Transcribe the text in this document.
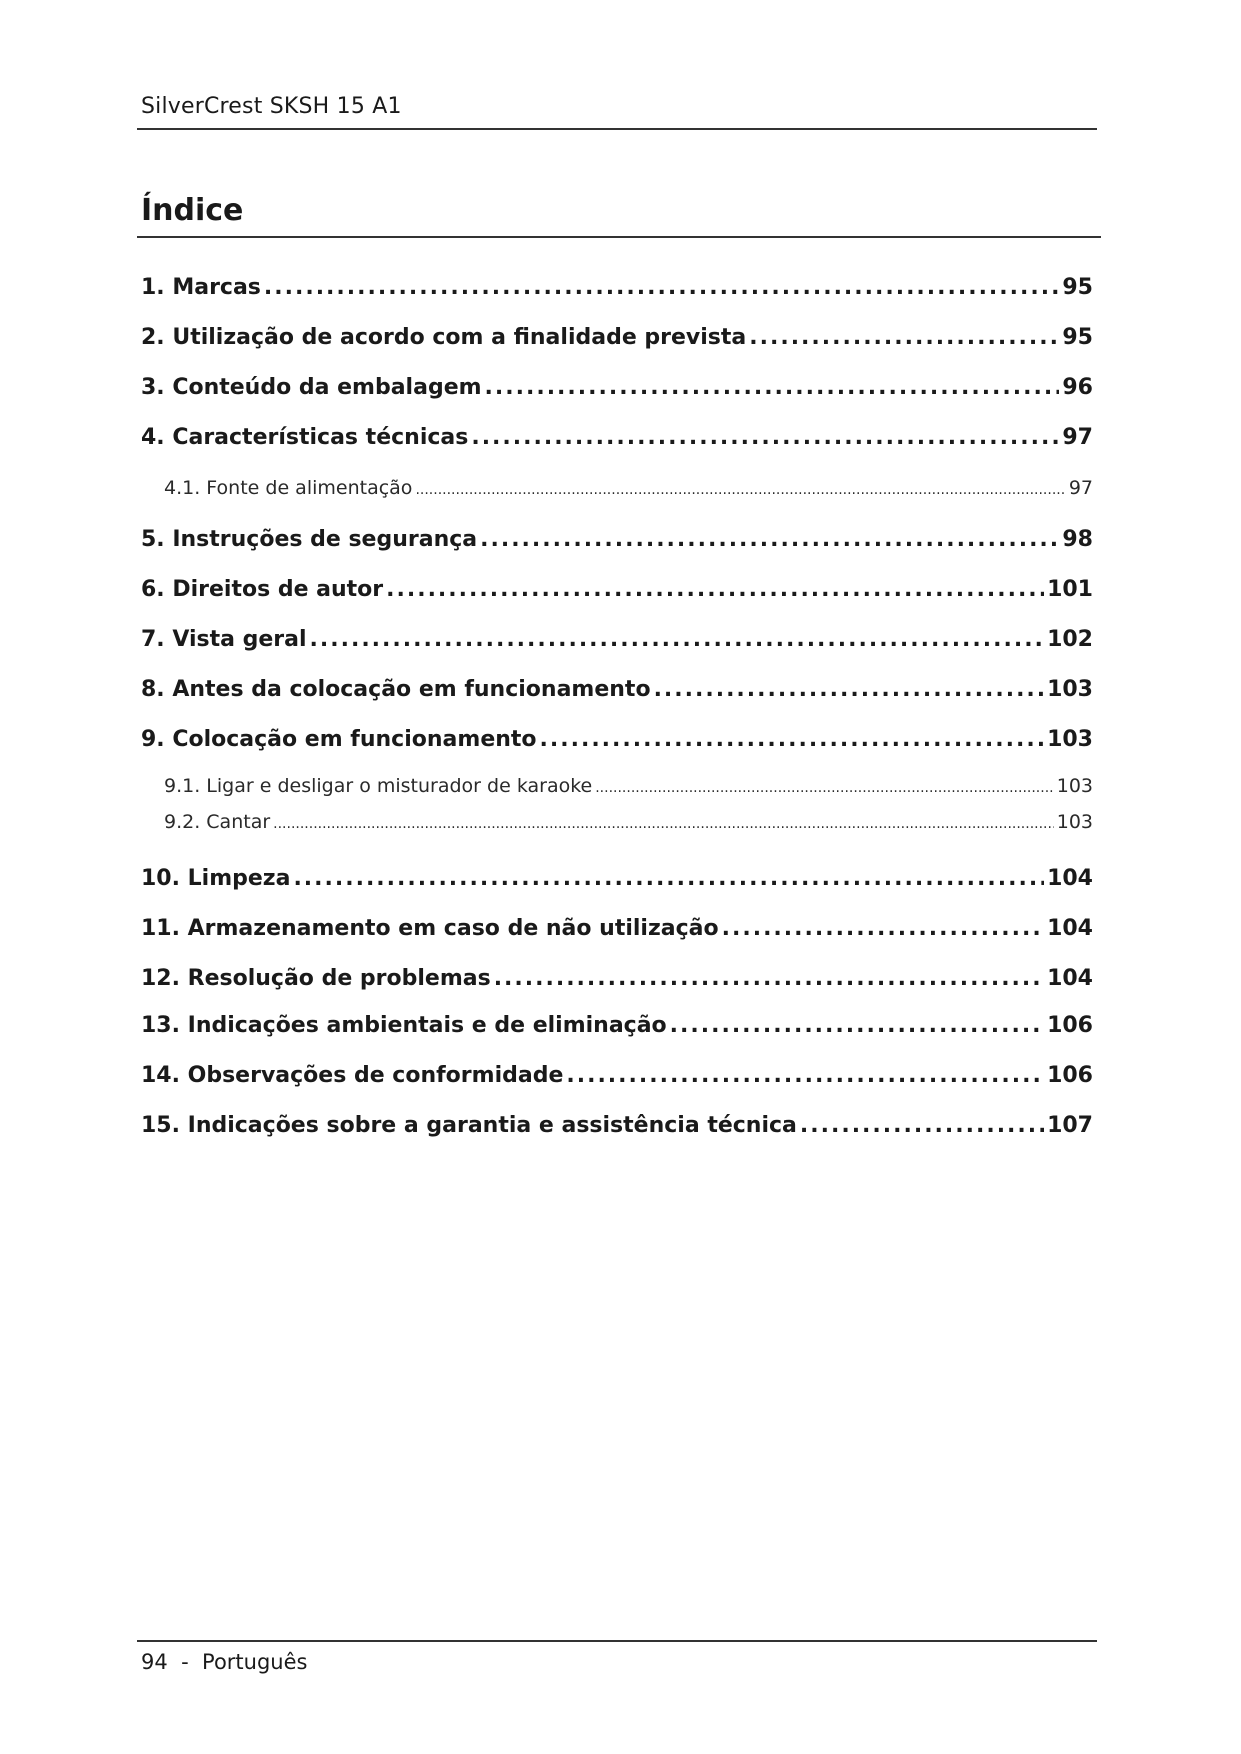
SilverCrest SKSH 15 A1
Índice
1. Marcas .....	95
2. Utilização de acordo com a finalidade prevista .....	95
3. Conteúdo da embalagem .....	96
4. Características técnicas .....	97
4.1. Fonte de alimentação .....	97
5. Instruções de segurança .....	98
6. Direitos de autor .....	101
7. Vista geral .....	102
8. Antes da colocação em funcionamento .....	103
9. Colocação em funcionamento .....	103
9.1. Ligar e desligar o misturador de karaoke .....	103
9.2. Cantar .....	103
10. Limpeza .....	104
11. Armazenamento em caso de não utilização .....	104
12. Resolução de problemas .....	104
13. Indicações ambientais e de eliminação .....	106
14. Observações de conformidade .....	106
15. Indicações sobre a garantia e assistência técnica .....	107
94 - Português
